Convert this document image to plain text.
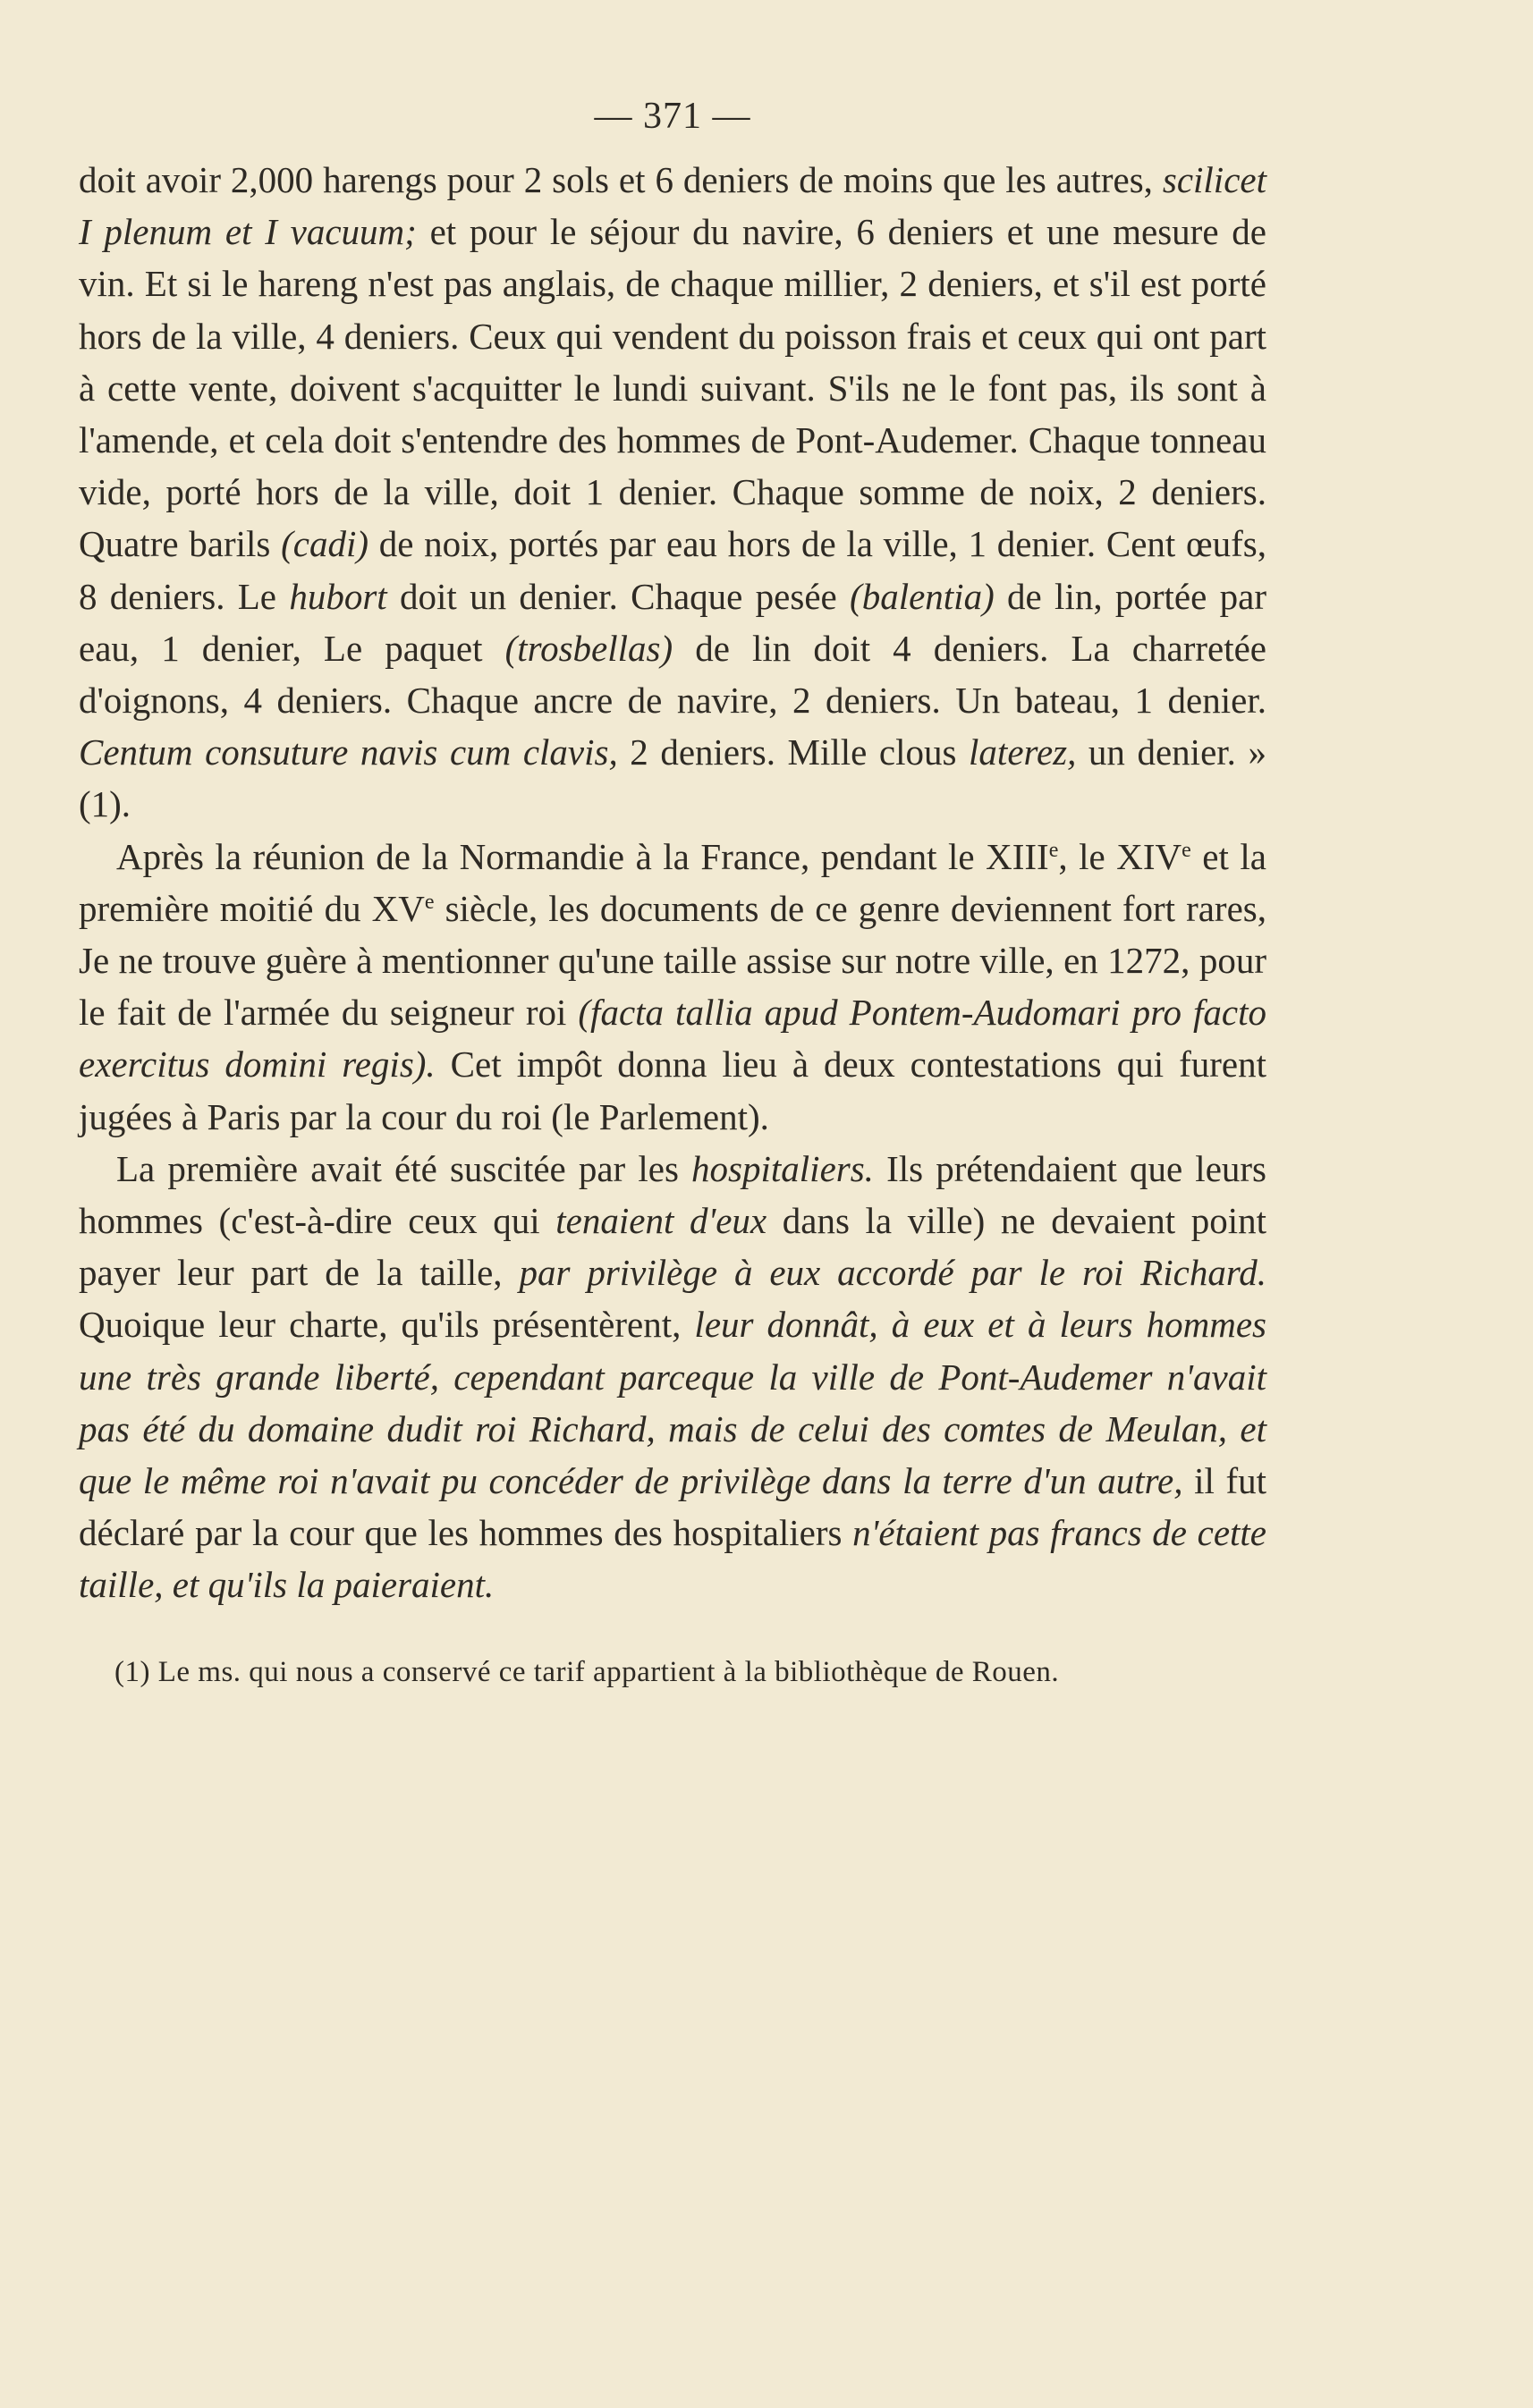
— 371 —

doit avoir 2,000 harengs pour 2 sols et 6 deniers de moins que les autres, scilicet I plenum et I vacuum; et pour le séjour du navire, 6 deniers et une mesure de vin. Et si le hareng n'est pas anglais, de chaque millier, 2 deniers, et s'il est porté hors de la ville, 4 deniers. Ceux qui vendent du poisson frais et ceux qui ont part à cette vente, doivent s'acquitter le lundi suivant. S'ils ne le font pas, ils sont à l'amende, et cela doit s'entendre des hommes de Pont-Audemer. Chaque tonneau vide, porté hors de la ville, doit 1 denier. Chaque somme de noix, 2 deniers. Quatre barils (cadi) de noix, portés par eau hors de la ville, 1 denier. Cent œufs, 8 deniers. Le hubort doit un denier. Chaque pesée (balentia) de lin, portée par eau, 1 denier, Le paquet (trosbellas) de lin doit 4 deniers. La charretée d'oignons, 4 deniers. Chaque ancre de navire, 2 deniers. Un bateau, 1 denier. Centum consuture navis cum clavis, 2 deniers. Mille clous laterez, un denier. » (1).

Après la réunion de la Normandie à la France, pendant le XIIIe, le XIVe et la première moitié du XVe siècle, les documents de ce genre deviennent fort rares, Je ne trouve guère à mentionner qu'une taille assise sur notre ville, en 1272, pour le fait de l'armée du seigneur roi (facta tallia apud Pontem-Audomari pro facto exercitus domini regis). Cet impôt donna lieu à deux contestations qui furent jugées à Paris par la cour du roi (le Parlement).

La première avait été suscitée par les hospitaliers. Ils prétendaient que leurs hommes (c'est-à-dire ceux qui tenaient d'eux dans la ville) ne devaient point payer leur part de la taille, par privilège à eux accordé par le roi Richard. Quoique leur charte, qu'ils présentèrent, leur donnât, à eux et à leurs hommes une très grande liberté, cependant parceque la ville de Pont-Audemer n'avait pas été du domaine dudit roi Richard, mais de celui des comtes de Meulan, et que le même roi n'avait pu concéder de privilège dans la terre d'un autre, il fut déclaré par la cour que les hommes des hospitaliers n'étaient pas francs de cette taille, et qu'ils la paieraient.

(1) Le ms. qui nous a conservé ce tarif appartient à la bibliothèque de Rouen.
